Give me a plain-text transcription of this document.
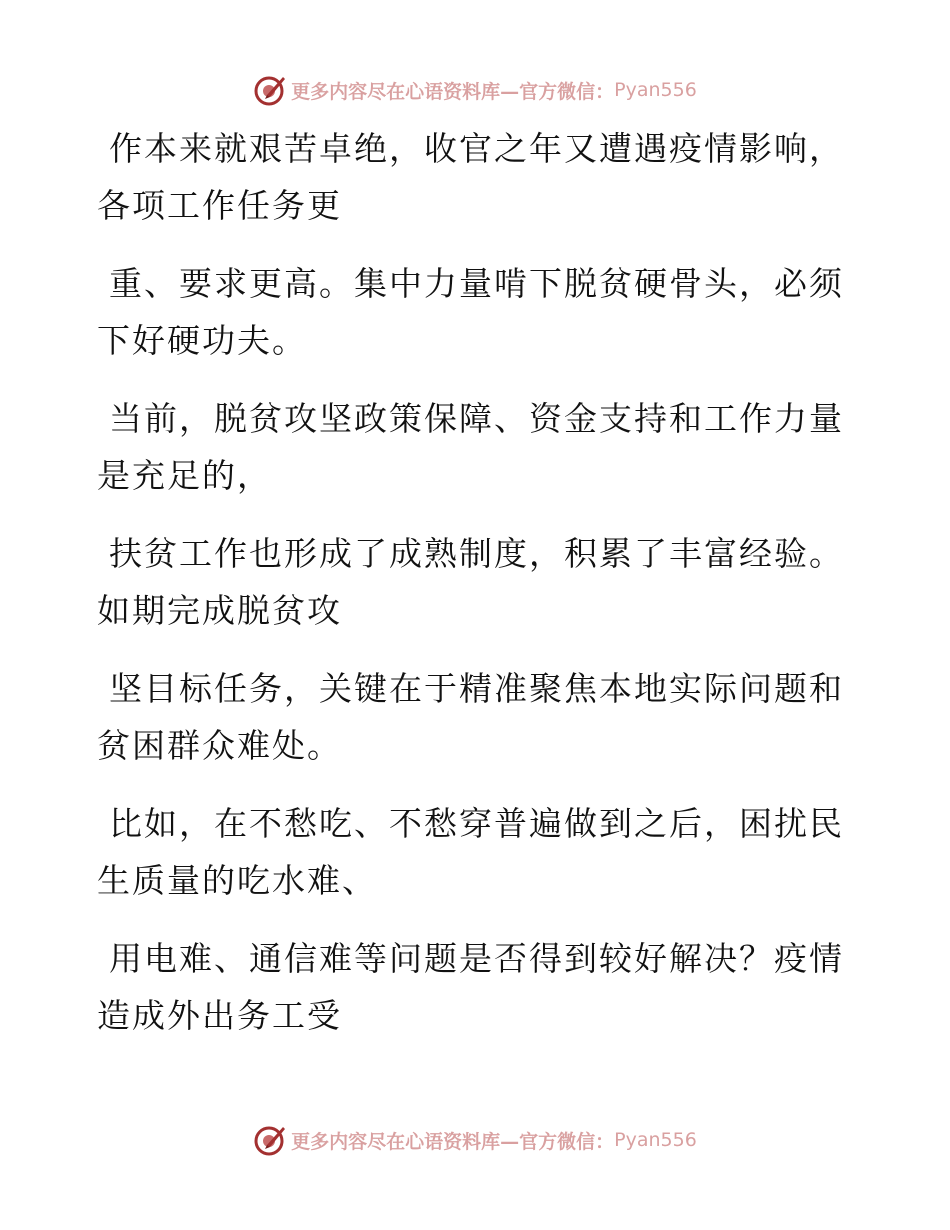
更多内容尽在心语资料库—官方微信： Pyan556
作本来就艰苦卓绝，收官之年又遭遇疫情影响，
各项工作任务更
重、要求更高。集中力量啃下脱贫硬骨头，必须
下好硬功夫。
当前，脱贫攻坚政策保障、资金支持和工作力量
是充足的，
扶贫工作也形成了成熟制度，积累了丰富经验。
如期完成脱贫攻
坚目标任务，关键在于精准聚焦本地实际问题和
贫困群众难处。
比如，在不愁吃、不愁穿普遍做到之后，困扰民
生质量的吃水难、
用电难、通信难等问题是否得到较好解决？疫情
造成外出务工受
更多内容尽在心语资料库—官方微信： Pyan556
